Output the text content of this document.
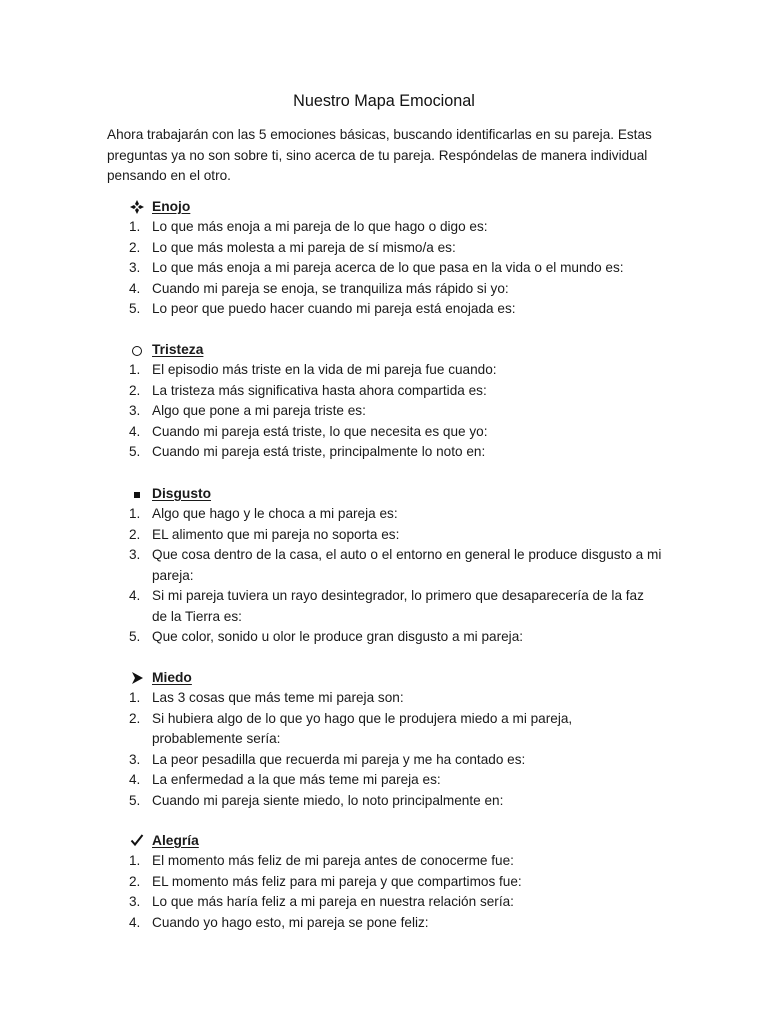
Nuestro Mapa Emocional

Ahora trabajarán con las 5 emociones básicas, buscando identificarlas en su pareja. Estas preguntas ya no son sobre ti, sino acerca de tu pareja. Respóndelas de manera individual pensando en el otro.

Enojo
1. Lo que más enoja a mi pareja de lo que hago o digo es:
2. Lo que más molesta a mi pareja de sí mismo/a es:
3. Lo que más enoja a mi pareja acerca de lo que pasa en la vida o el mundo es:
4. Cuando mi pareja se enoja, se tranquiliza más rápido si yo:
5. Lo peor que puedo hacer cuando mi pareja está enojada es:
Tristeza
1. El episodio más triste en la vida de mi pareja fue cuando:
2. La tristeza más significativa hasta ahora compartida es:
3. Algo que pone a mi pareja triste es:
4. Cuando mi pareja está triste, lo que necesita es que yo:
5. Cuando mi pareja está triste, principalmente lo noto en:
Disgusto
1. Algo que hago y le choca a mi pareja es:
2. EL alimento que mi pareja no soporta es:
3. Que cosa dentro de la casa, el auto o el entorno en general le produce disgusto a mi pareja:
4. Si mi pareja tuviera un rayo desintegrador, lo primero que desaparecería de la faz de la Tierra es:
5. Que color, sonido u olor le produce gran disgusto a mi pareja:
Miedo
1. Las 3 cosas que más teme mi pareja son:
2. Si hubiera algo de lo que yo hago que le produjera miedo a mi pareja, probablemente sería:
3. La peor pesadilla que recuerda mi pareja y me ha contado es:
4. La enfermedad a la que más teme mi pareja es:
5. Cuando mi pareja siente miedo, lo noto principalmente en:
Alegría
1. El momento más feliz de mi pareja antes de conocerme fue:
2. EL momento más feliz para mi pareja y que compartimos fue:
3. Lo que más haría feliz a mi pareja en nuestra relación sería:
4. Cuando yo hago esto, mi pareja se pone feliz:
